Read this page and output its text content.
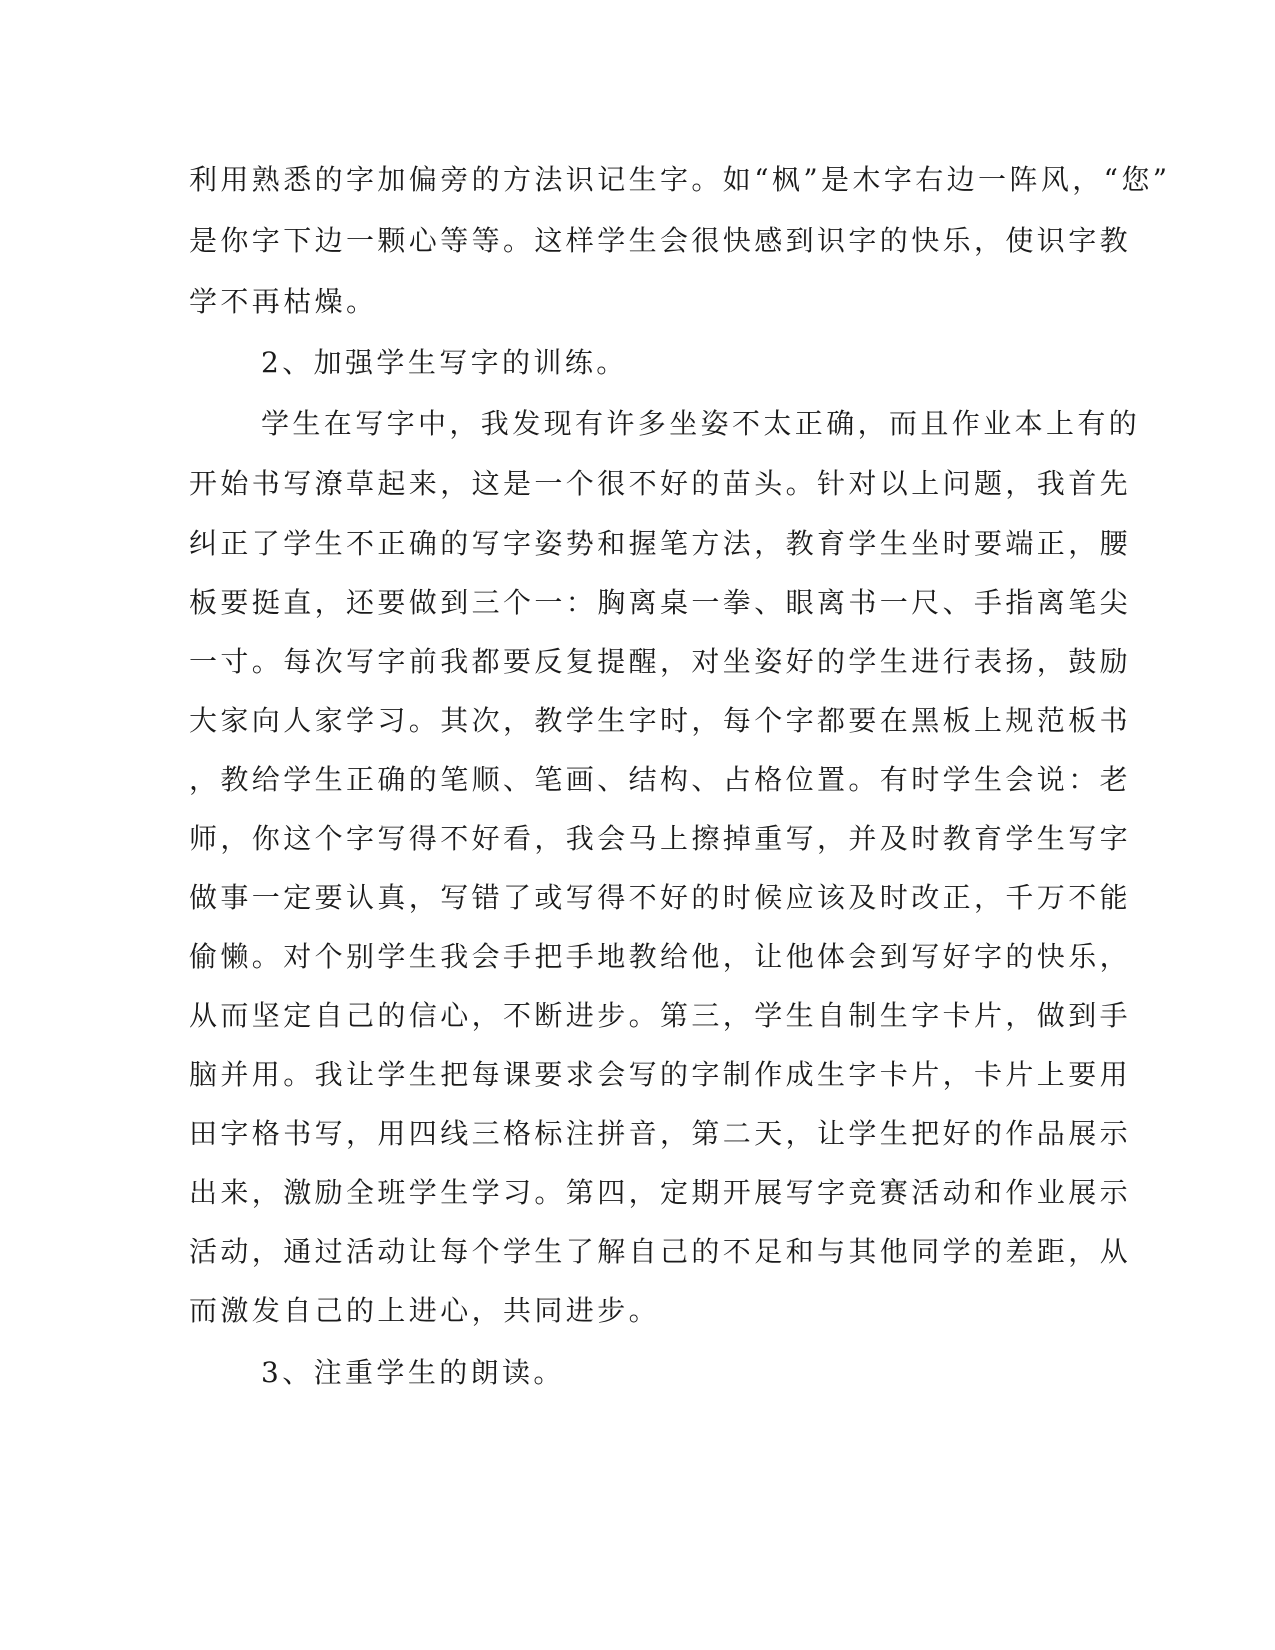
利用熟悉的字加偏旁的方法识记生字。如“枫”是木字右边一阵风，“您”
是你字下边一颗心等等。这样学生会很快感到识字的快乐，使识字教
学不再枯燥。
2、加强学生写字的训练。
学生在写字中，我发现有许多坐姿不太正确，而且作业本上有的
开始书写潦草起来，这是一个很不好的苗头。针对以上问题，我首先
纠正了学生不正确的写字姿势和握笔方法，教育学生坐时要端正，腰
板要挺直，还要做到三个一：胸离桌一拳、眼离书一尺、手指离笔尖
一寸。每次写字前我都要反复提醒，对坐姿好的学生进行表扬，鼓励
大家向人家学习。其次，教学生字时，每个字都要在黑板上规范板书
，教给学生正确的笔顺、笔画、结构、占格位置。有时学生会说：老
师，你这个字写得不好看，我会马上擦掉重写，并及时教育学生写字
做事一定要认真，写错了或写得不好的时候应该及时改正，千万不能
偷懒。对个别学生我会手把手地教给他，让他体会到写好字的快乐，
从而坚定自己的信心，不断进步。第三，学生自制生字卡片，做到手
脑并用。我让学生把每课要求会写的字制作成生字卡片，卡片上要用
田字格书写，用四线三格标注拼音，第二天，让学生把好的作品展示
出来，激励全班学生学习。第四，定期开展写字竞赛活动和作业展示
活动，通过活动让每个学生了解自己的不足和与其他同学的差距，从
而激发自己的上进心，共同进步。
3、注重学生的朗读。
